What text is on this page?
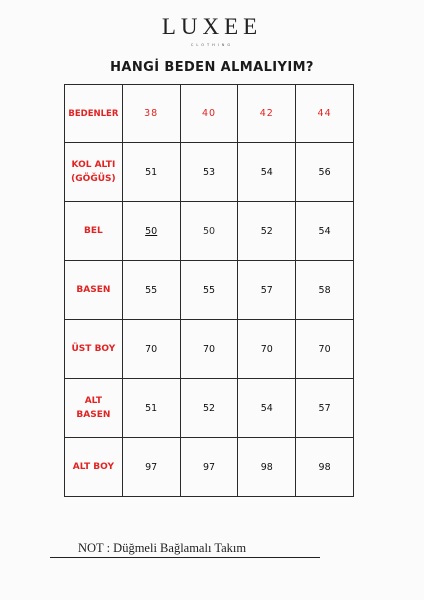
LUXEE
CLOTHING
HANGİ BEDEN ALMALIYIM?
BEDENLER	38	40	42	44
KOL ALTI (GÖĞÜS)	51	53	54	56
BEL	50	50	52	54
BASEN	55	55	57	58
ÜST BOY	70	70	70	70
ALT BASEN	51	52	54	57
ALT BOY	97	97	98	98
NOT : Düğmeli Bağlamalı Takım
